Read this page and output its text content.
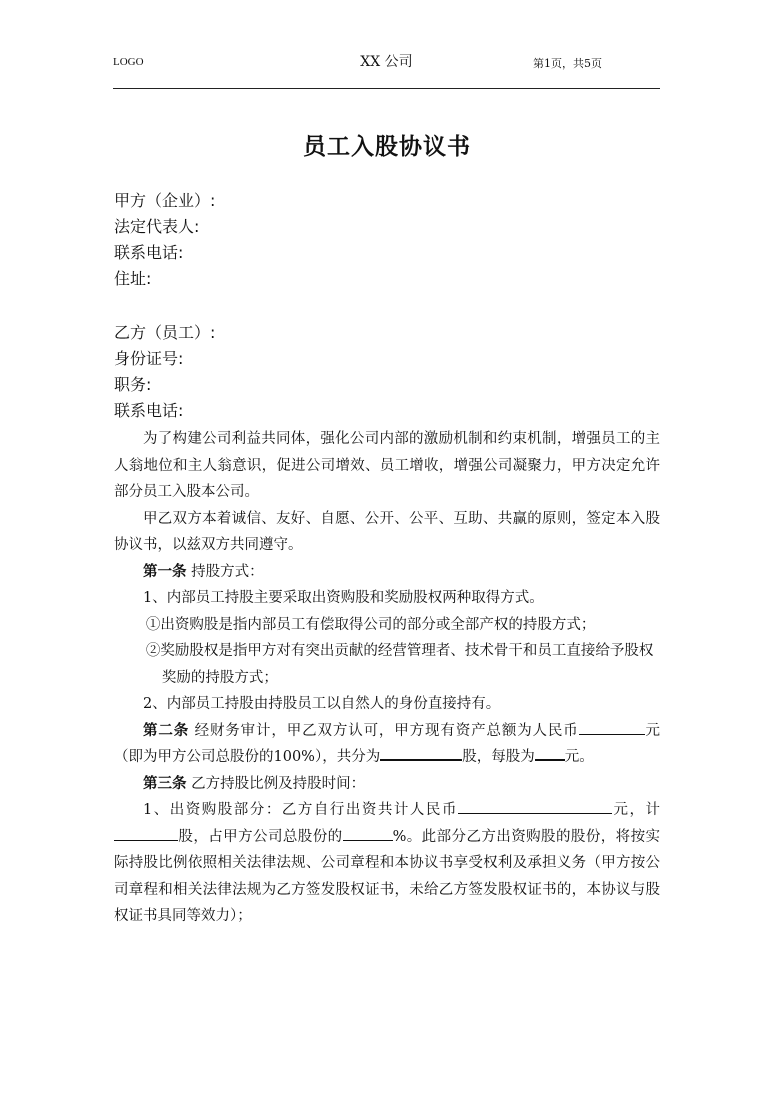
LOGO	XX 公司	第1页，共5页
员工入股协议书
甲方（企业）:
法定代表人:
联系电话:
住址:
乙方（员工）:
身份证号:
职务:
联系电话:

为了构建公司利益共同体，强化公司内部的激励机制和约束机制，增强员工的主人翁地位和主人翁意识，促进公司增效、员工增收，增强公司凝聚力，甲方决定允许部分员工入股本公司。

甲乙双方本着诚信、友好、自愿、公开、公平、互助、共赢的原则，签定本入股协议书，以兹双方共同遵守。

第一条 持股方式：

1、内部员工持股主要采取出资购股和奖励股权两种取得方式。

①出资购股是指内部员工有偿取得公司的部分或全部产权的持股方式；

②奖励股权是指甲方对有突出贡献的经营管理者、技术骨干和员工直接给予股权奖励的持股方式；

2、内部员工持股由持股员工以自然人的身份直接持有。

第二条 经财务审计，甲乙双方认可，甲方现有资产总额为人民币	元（即为甲方公司总股份的100%），共分为	股，每股为 元。

第三条 乙方持股比例及持股时间：

1、出资购股部分：乙方自行出资共计人民币	元，计股，占甲方公司总股份的	%。此部分乙方出资购股的股份，将按实际持股比例依照相关法律法规、公司章程和本协议书享受权利及承担义务（甲方按公司章程和相关法律法规为乙方签发股权证书，未给乙方签发股权证书的，本协议与股权证书具同等效力）；
